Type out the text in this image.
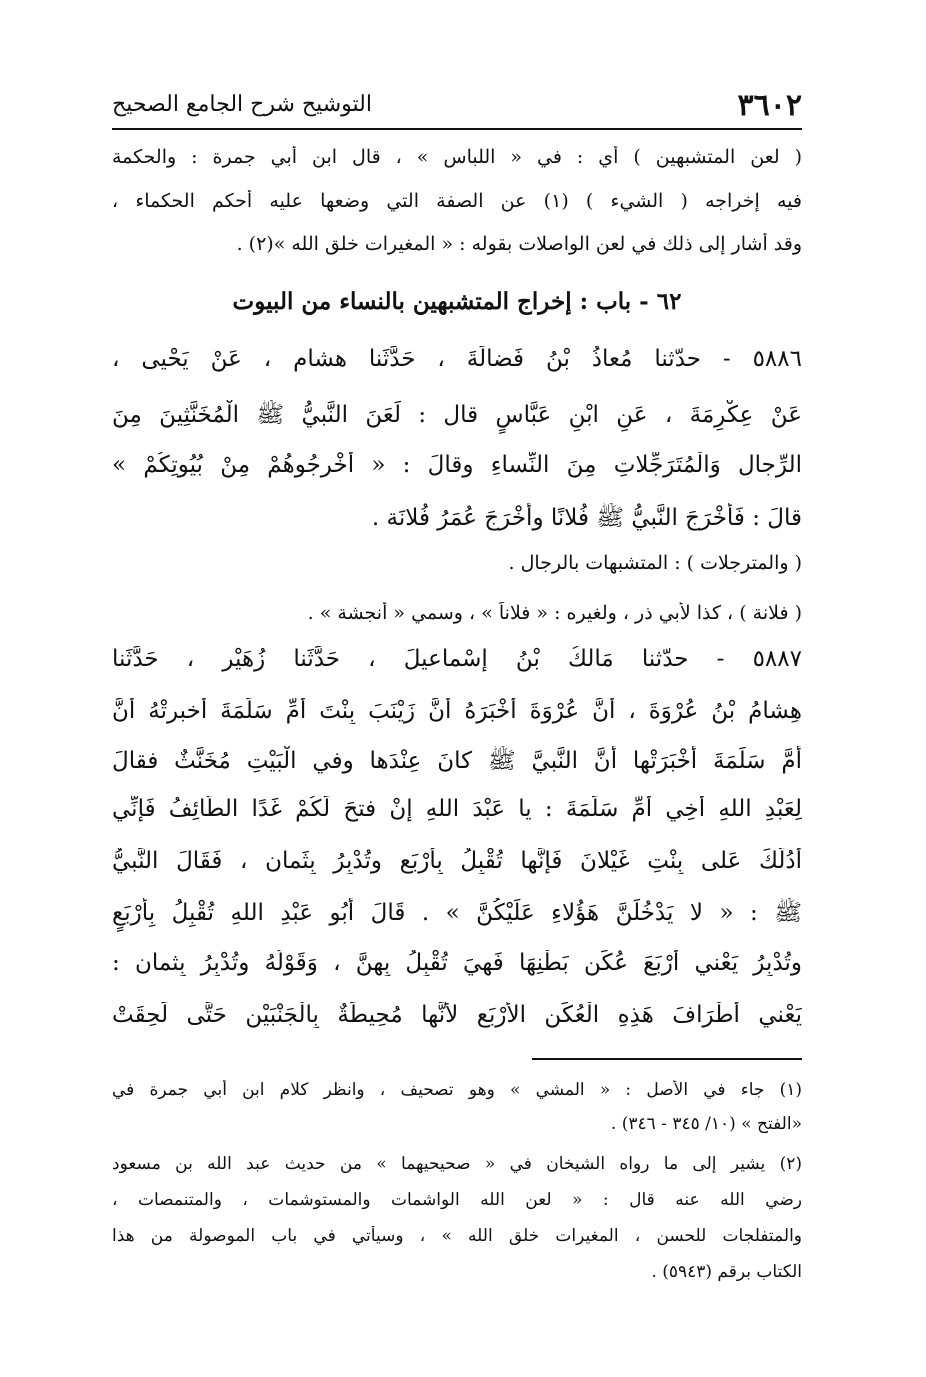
٣٦٠٢
التوشيح شرح الجامع الصحيح
( لعن المتشبهين ) أي : في « اللباس » ، قال ابن أبي جمرة : والحكمة
فيه إخراجه ( الشيء ) (١) عن الصفة التي وضعها عليه أحكم الحكماء ،
وقد أشار إلى ذلك في لعن الواصلات بقوله : « المغيرات خلق الله »(٢) .
٦٢ - باب : إخراج المتشبهين بالنساء من البيوت
٥٨٨٦ - حدّثنا مُعاذُ بْنُ فَضالَةَ ، حَدَّثَنا هشام ، عَنْ يَحْيى ،
عَنْ عِكْرِمَةَ ، عَنِ ابْنِ عَبَّاسٍ قال : لَعَنَ النَّبيُّ ﷺ الْمُخَنَّثِينَ مِنَ
الرِّجالِ وَالْمُتَرَجِّلاتِ مِنَ النِّساءِ وقالَ : « أَخْرِجُوهُمْ مِنْ بُيُوتِكُمْ »
قالَ : فَأَخْرَجَ النَّبيُّ ﷺ فُلانًا وأَخْرَجَ عُمَرُ فُلانَة .
( والمترجلات ) : المتشبهات بالرجال .
( فلانة ) ، كذا لأبي ذر ، ولغيره : « فلاناً » ، وسمي « أنجشة » .
٥٨٨٧ - حدّثنا مَالكُ بْنُ إسْماعيلَ ، حَدَّثَنا زُهَيْر ، حَدَّثَنا
هِشامُ بْنُ عُرْوَةَ ، أَنَّ عُرْوَةَ أَخْبَرَهُ أَنَّ زَيْنَبَ بِنْتَ أُمِّ سَلَمَةَ أخبرتْهُ أَنَّ
أُمَّ سَلَمَةَ أَخْبَرَتْها أَنَّ النَّبيَّ ﷺ كانَ عِنْدَها وفي الْبَيْتِ مُخَنَّثٌ فقالَ
لِعَبْدِ اللهِ أَخِي أُمِّ سَلَمَةَ : يا عَبْدَ اللهِ إِنْ فتحَ لَكُمْ غَدًا الطَّائِفُ فَإِنِّي
أَدُلُّكَ عَلى بِنْتِ غَيْلانَ فَإِنَّها تُقْبِلُ بِأَرْبَعٍ وتُدْبِرُ بِثَمان ، فَقَالَ النَّبيُّ
ﷺ : « لا يَدْخُلَنَّ هَؤُلاءِ عَلَيْكُنَّ » . قَالَ أَبُو عَبْدِ اللهِ تُقْبِلُ بِأَرْبَعٍ
وتُدْبِرُ يَعْني أَرْبَعَ عُكَنِ بَطْنِهَا فَهِيَ تُقْبِلُ بِهِنَّ ، وَقَوْلُهُ وتُدْبِرُ بِثمان :
يَعْني أَطْرَافَ هَذِهِ الْعُكَنِ الأَرْبَعِ لأَنَّها مُحِيطَةٌ بِالْجَنْبَيْنِ حَتَّى لَحِقَتْ
(١) جاء في الأصل : « المشي » وهو تصحيف ، وانظر كلام ابن أبي جمرة في
«الفتح » (١٠/ ٣٤٥ - ٣٤٦) .
(٢) يشير إلى ما رواه الشيخان في « صحيحيهما » من حديث عبد الله بن مسعود
رضي الله عنه قال : « لعن الله الواشمات والمستوشمات ، والمتنمصات ،
والمتفلجات للحسن ، المغيرات خلق الله » ، وسيأتي في باب الموصولة من هذا
الكتاب برقم (٥٩٤٣) .
